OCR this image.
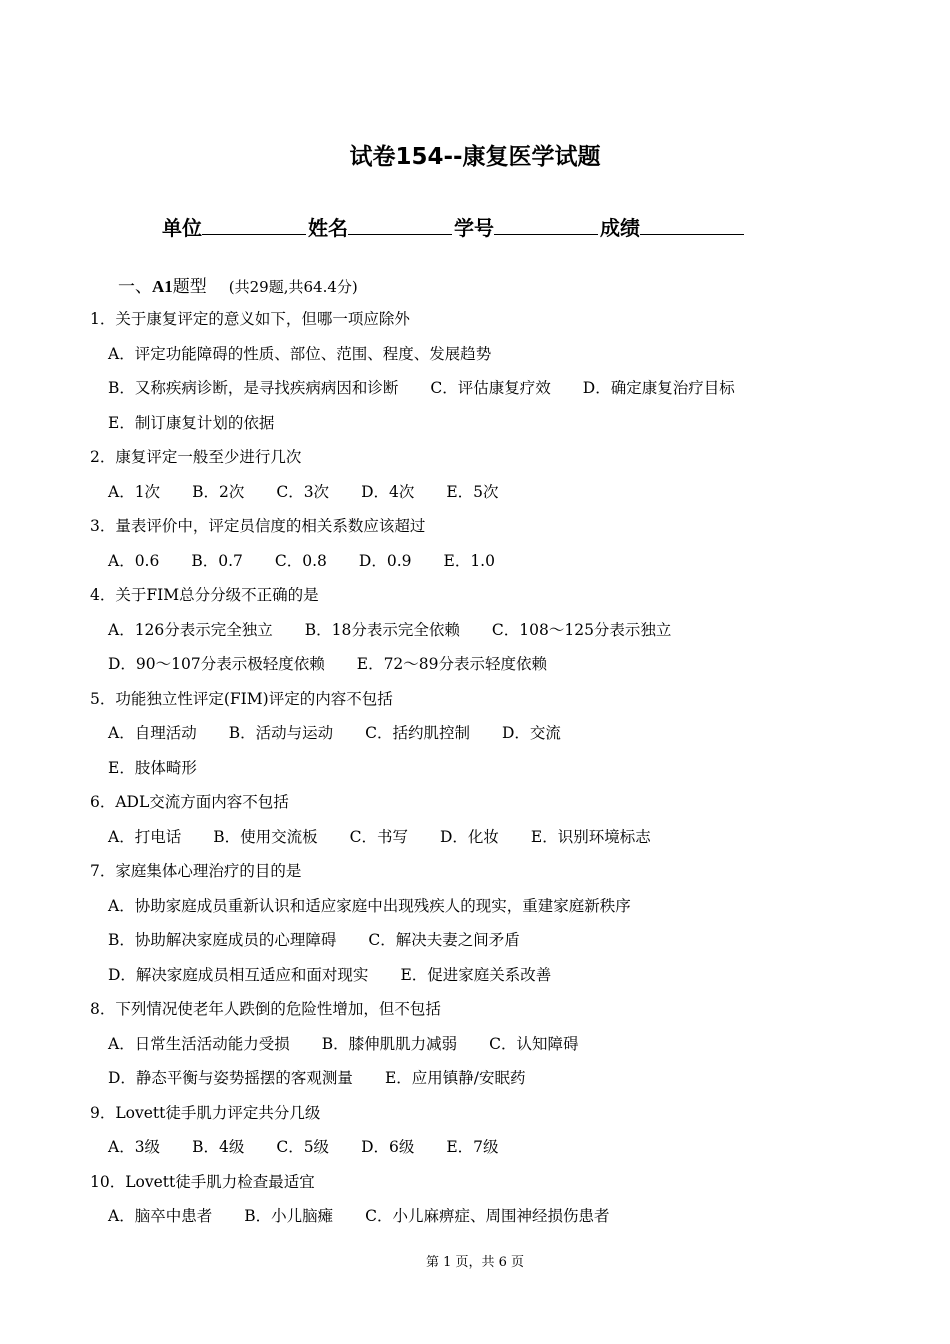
试卷154--康复医学试题
单位	姓名	学号	成绩
一、A1题型 (共29题,共64.4分)
1．关于康复评定的意义如下，但哪一项应除外
A．评定功能障碍的性质、部位、范围、程度、发展趋势
B．又称疾病诊断，是寻找疾病病因和诊断 C．评估康复疗效 D．确定康复治疗目标
E．制订康复计划的依据
2．康复评定一般至少进行几次
A．1次 B．2次 C．3次 D．4次 E．5次
3．量表评价中，评定员信度的相关系数应该超过
A．0.6 B．0.7 C．0.8 D．0.9 E．1.0
4．关于FIM总分分级不正确的是
A．126分表示完全独立 B．18分表示完全依赖 C．108～125分表示独立
D．90～107分表示极轻度依赖 E．72～89分表示轻度依赖
5．功能独立性评定(FIM)评定的内容不包括
A．自理活动 B．活动与运动 C．括约肌控制 D．交流
E．肢体畸形
6．ADL交流方面内容不包括
A．打电话 B．使用交流板 C．书写 D．化妆 E．识别环境标志
7．家庭集体心理治疗的目的是
A．协助家庭成员重新认识和适应家庭中出现残疾人的现实，重建家庭新秩序
B．协助解决家庭成员的心理障碍 C．解决夫妻之间矛盾
D．解决家庭成员相互适应和面对现实 E．促进家庭关系改善
8．下列情况使老年人跌倒的危险性增加，但不包括
A．日常生活活动能力受损 B．膝伸肌肌力减弱 C．认知障碍
D．静态平衡与姿势摇摆的客观测量 E．应用镇静/安眠药
9．Lovett徒手肌力评定共分几级
A．3级 B．4级 C．5级 D．6级 E．7级
10．Lovett徒手肌力检查最适宜
A．脑卒中患者 B．小儿脑瘫 C．小儿麻痹症、周围神经损伤患者
第 1 页，共 6 页
